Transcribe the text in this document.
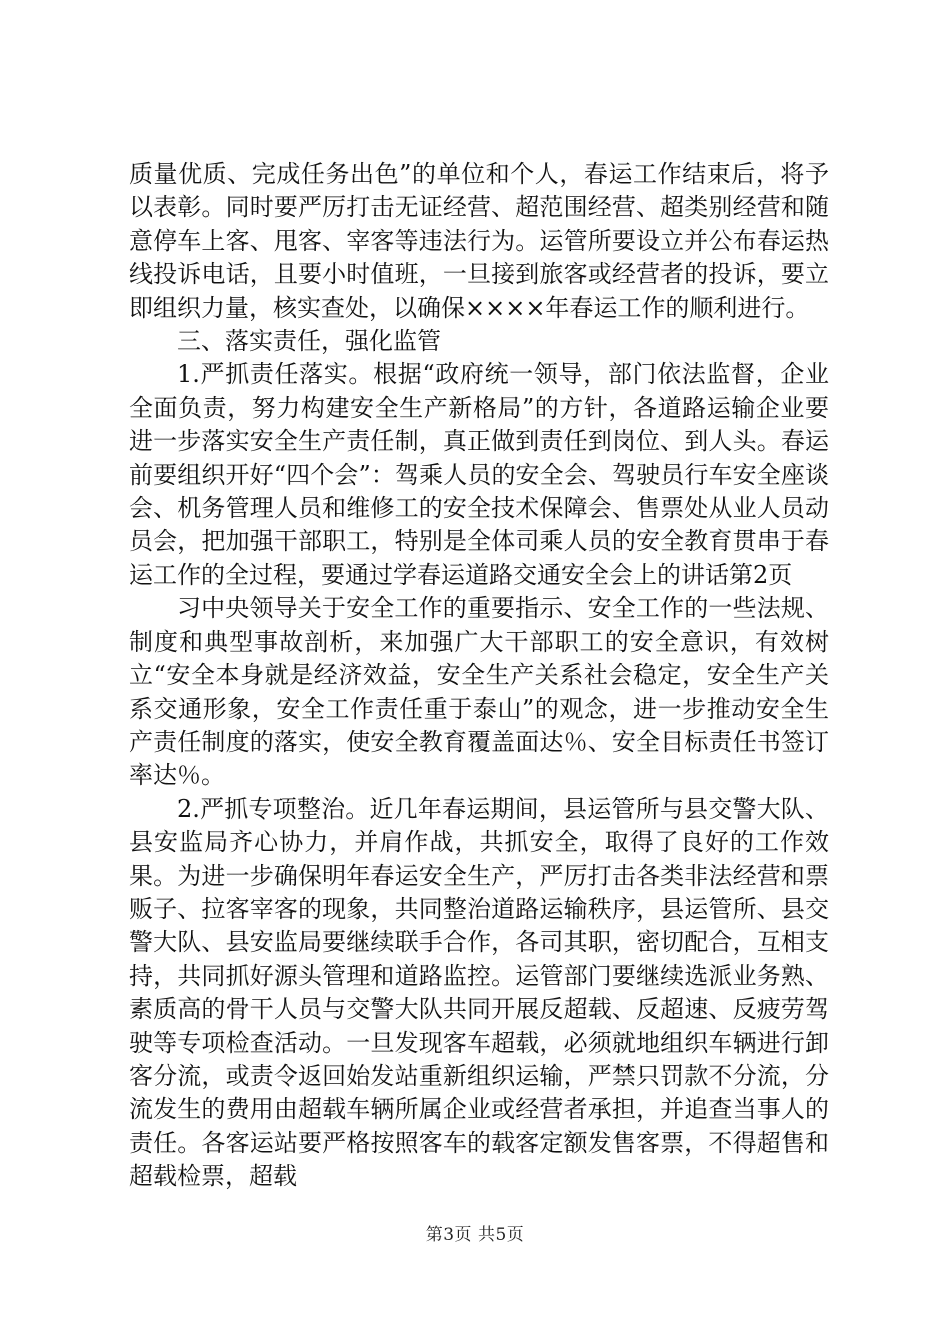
质量优质、完成任务出色”的单位和个人，春运工作结束后，将予以表彰。同时要严厉打击无证经营、超范围经营、超类别经营和随意停车上客、甩客、宰客等违法行为。运管所要设立并公布春运热线投诉电话，且要小时值班，一旦接到旅客或经营者的投诉，要立即组织力量，核实查处，以确保××××年春运工作的顺利进行。

三、落实责任，强化监管

1.严抓责任落实。根据“政府统一领导，部门依法监督，企业全面负责，努力构建安全生产新格局”的方针，各道路运输企业要进一步落实安全生产责任制，真正做到责任到岗位、到人头。春运前要组织开好“四个会”：驾乘人员的安全会、驾驶员行车安全座谈会、机务管理人员和维修工的安全技术保障会、售票处从业人员动员会，把加强干部职工，特别是全体司乘人员的安全教育贯串于春运工作的全过程，要通过学春运道路交通安全会上的讲话第2页

习中央领导关于安全工作的重要指示、安全工作的一些法规、制度和典型事故剖析，来加强广大干部职工的安全意识，有效树立“安全本身就是经济效益，安全生产关系社会稳定，安全生产关系交通形象，安全工作责任重于泰山”的观念，进一步推动安全生产责任制度的落实，使安全教育覆盖面达％、安全目标责任书签订率达％。

2.严抓专项整治。近几年春运期间，县运管所与县交警大队、县安监局齐心协力，并肩作战，共抓安全，取得了良好的工作效果。为进一步确保明年春运安全生产，严厉打击各类非法经营和票贩子、拉客宰客的现象，共同整治道路运输秩序，县运管所、县交警大队、县安监局要继续联手合作，各司其职，密切配合，互相支持，共同抓好源头管理和道路监控。运管部门要继续选派业务熟、素质高的骨干人员与交警大队共同开展反超载、反超速、反疲劳驾驶等专项检查活动。一旦发现客车超载，必须就地组织车辆进行卸客分流，或责令返回始发站重新组织运输，严禁只罚款不分流，分流发生的费用由超载车辆所属企业或经营者承担，并追查当事人的责任。各客运站要严格按照客车的载客定额发售客票，不得超售和超载检票，超载

第3页 共5页
